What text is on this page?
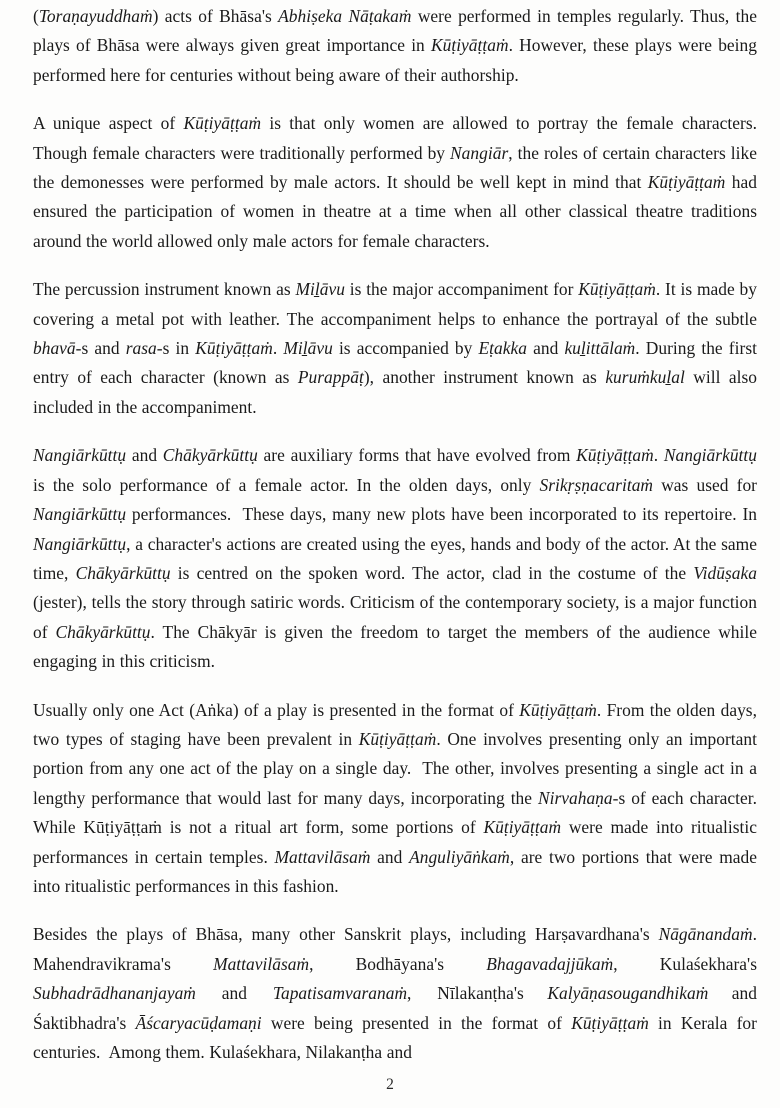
(Toraṇayuddhaṁ) acts of Bhāsa's Abhiṣeka Nāṭakaṁ were performed in temples regularly. Thus, the plays of Bhāsa were always given great importance in Kūṭiyāṭṭaṁ. However, these plays were being performed here for centuries without being aware of their authorship.

A unique aspect of Kūṭiyāṭṭaṁ is that only women are allowed to portray the female characters. Though female characters were traditionally performed by Nangiār, the roles of certain characters like the demonesses were performed by male actors. It should be well kept in mind that Kūṭiyāṭṭaṁ had ensured the participation of women in theatre at a time when all other classical theatre traditions around the world allowed only male actors for female characters.

The percussion instrument known as Miḻāvu is the major accompaniment for Kūṭiyāṭṭaṁ. It is made by covering a metal pot with leather. The accompaniment helps to enhance the portrayal of the subtle bhavā-s and rasa-s in Kūṭiyāṭṭaṁ. Miḻāvu is accompanied by Eṭakka and kuḻittālaṁ. During the first entry of each character (known as Purappāṭ), another instrument known as kuruṁkuḻal will also included in the accompaniment.

Nangiārkūttụ and Chākyārkūttụ are auxiliary forms that have evolved from Kūṭiyāṭṭaṁ. Nangiārkūttụ is the solo performance of a female actor. In the olden days, only Srikṛṣṇacaritaṁ was used for Nangiārkūttụ performances.  These days, many new plots have been incorporated to its repertoire. In Nangiārkūttụ, a character's actions are created using the eyes, hands and body of the actor. At the same time, Chākyārkūttụ is centred on the spoken word. The actor, clad in the costume of the Vidūṣaka (jester), tells the story through satiric words. Criticism of the contemporary society, is a major function of Chākyārkūttụ. The Chākyār is given the freedom to target the members of the audience while engaging in this criticism.

Usually only one Act (Aṅka) of a play is presented in the format of Kūṭiyāṭṭaṁ. From the olden days, two types of staging have been prevalent in Kūṭiyāṭṭaṁ. One involves presenting only an important portion from any one act of the play on a single day.  The other, involves presenting a single act in a lengthy performance that would last for many days, incorporating the Nirvahaṇa-s of each character. While Kūṭiyāṭṭaṁ is not a ritual art form, some portions of Kūṭiyāṭṭaṁ were made into ritualistic performances in certain temples. Mattavilāsaṁ and Anguliyāṅkaṁ, are two portions that were made into ritualistic performances in this fashion.

Besides the plays of Bhāsa, many other Sanskrit plays, including Harṣavardhana's Nāgānandaṁ. Mahendravikrama's Mattavilāsaṁ, Bodhāyana's Bhagavadajjūkaṁ, Kulaśekhara's Subhadrādhananjayaṁ and Tapatisamvaranaṁ, Nīlakanṭha's Kalyāṇasougandhikaṁ and Śaktibhadra's Āścaryacūḍamaṇi were being presented in the format of Kūṭiyāṭṭaṁ in Kerala for centuries.  Among them. Kulaśekhara, Nilakanṭha and

2
